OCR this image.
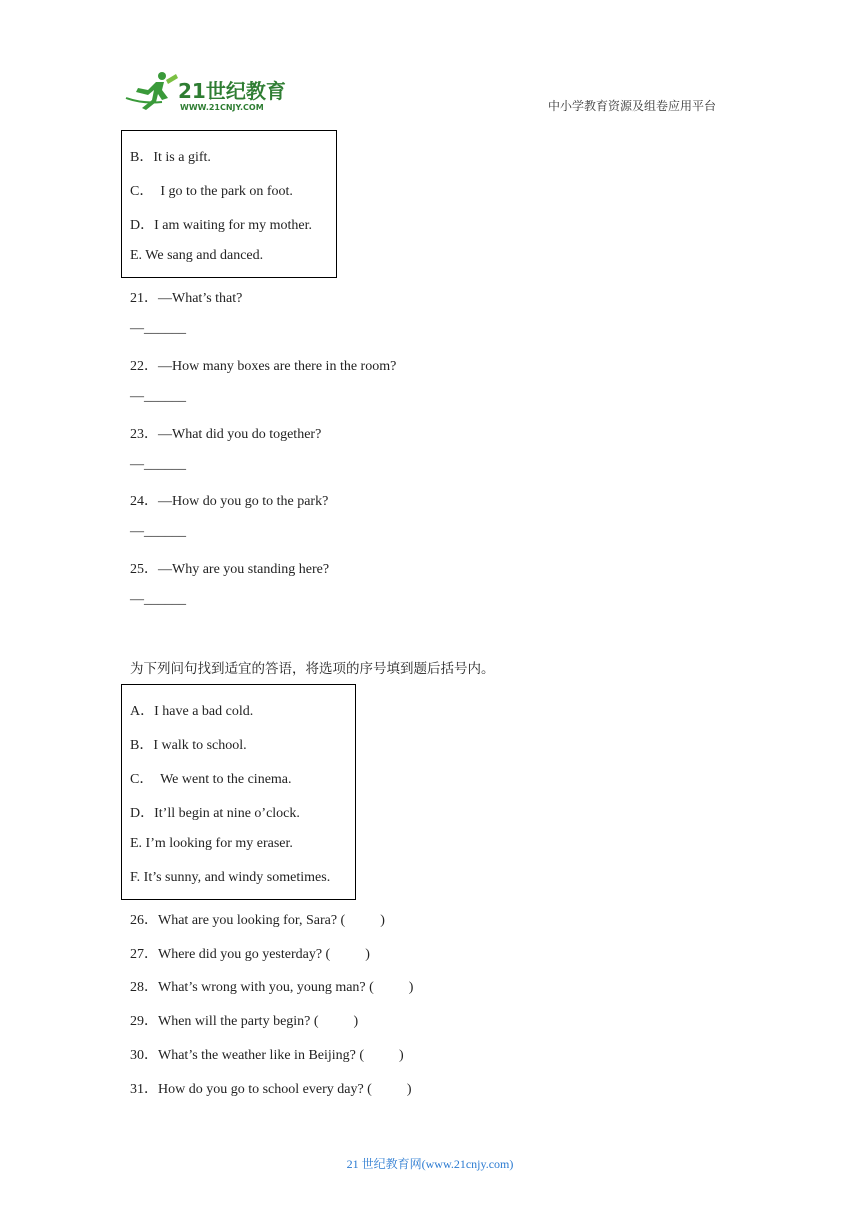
21世纪教育
WWW.21CNJY.COM	中小学教育资源及组卷应用平台
B．It is a gift.
C．  I go to the park on foot.
D．I am waiting for my mother.
E. We sang and danced.
21．—What’s that?
—______
22．—How many boxes are there in the room?
—______
23．—What did you do together?
—______
24．—How do you go to the park?
—______
25．—Why are you standing here?
—______
为下列问句找到适宜的答语，将选项的序号填到题后括号内。
A．I have a bad cold.
B．I walk to school.
C．  We went to the cinema.
D．It’ll begin at nine o’clock.
E. I’m looking for my eraser.
F. It’s sunny, and windy sometimes.
26．What are you looking for, Sara? (          )
27．Where did you go yesterday? (          )
28．What’s wrong with you, young man? (          )
29．When will the party begin? (          )
30．What’s the weather like in Beijing? (          )
31．How do you go to school every day? (          )
21 世纪教育网(www.21cnjy.com)
